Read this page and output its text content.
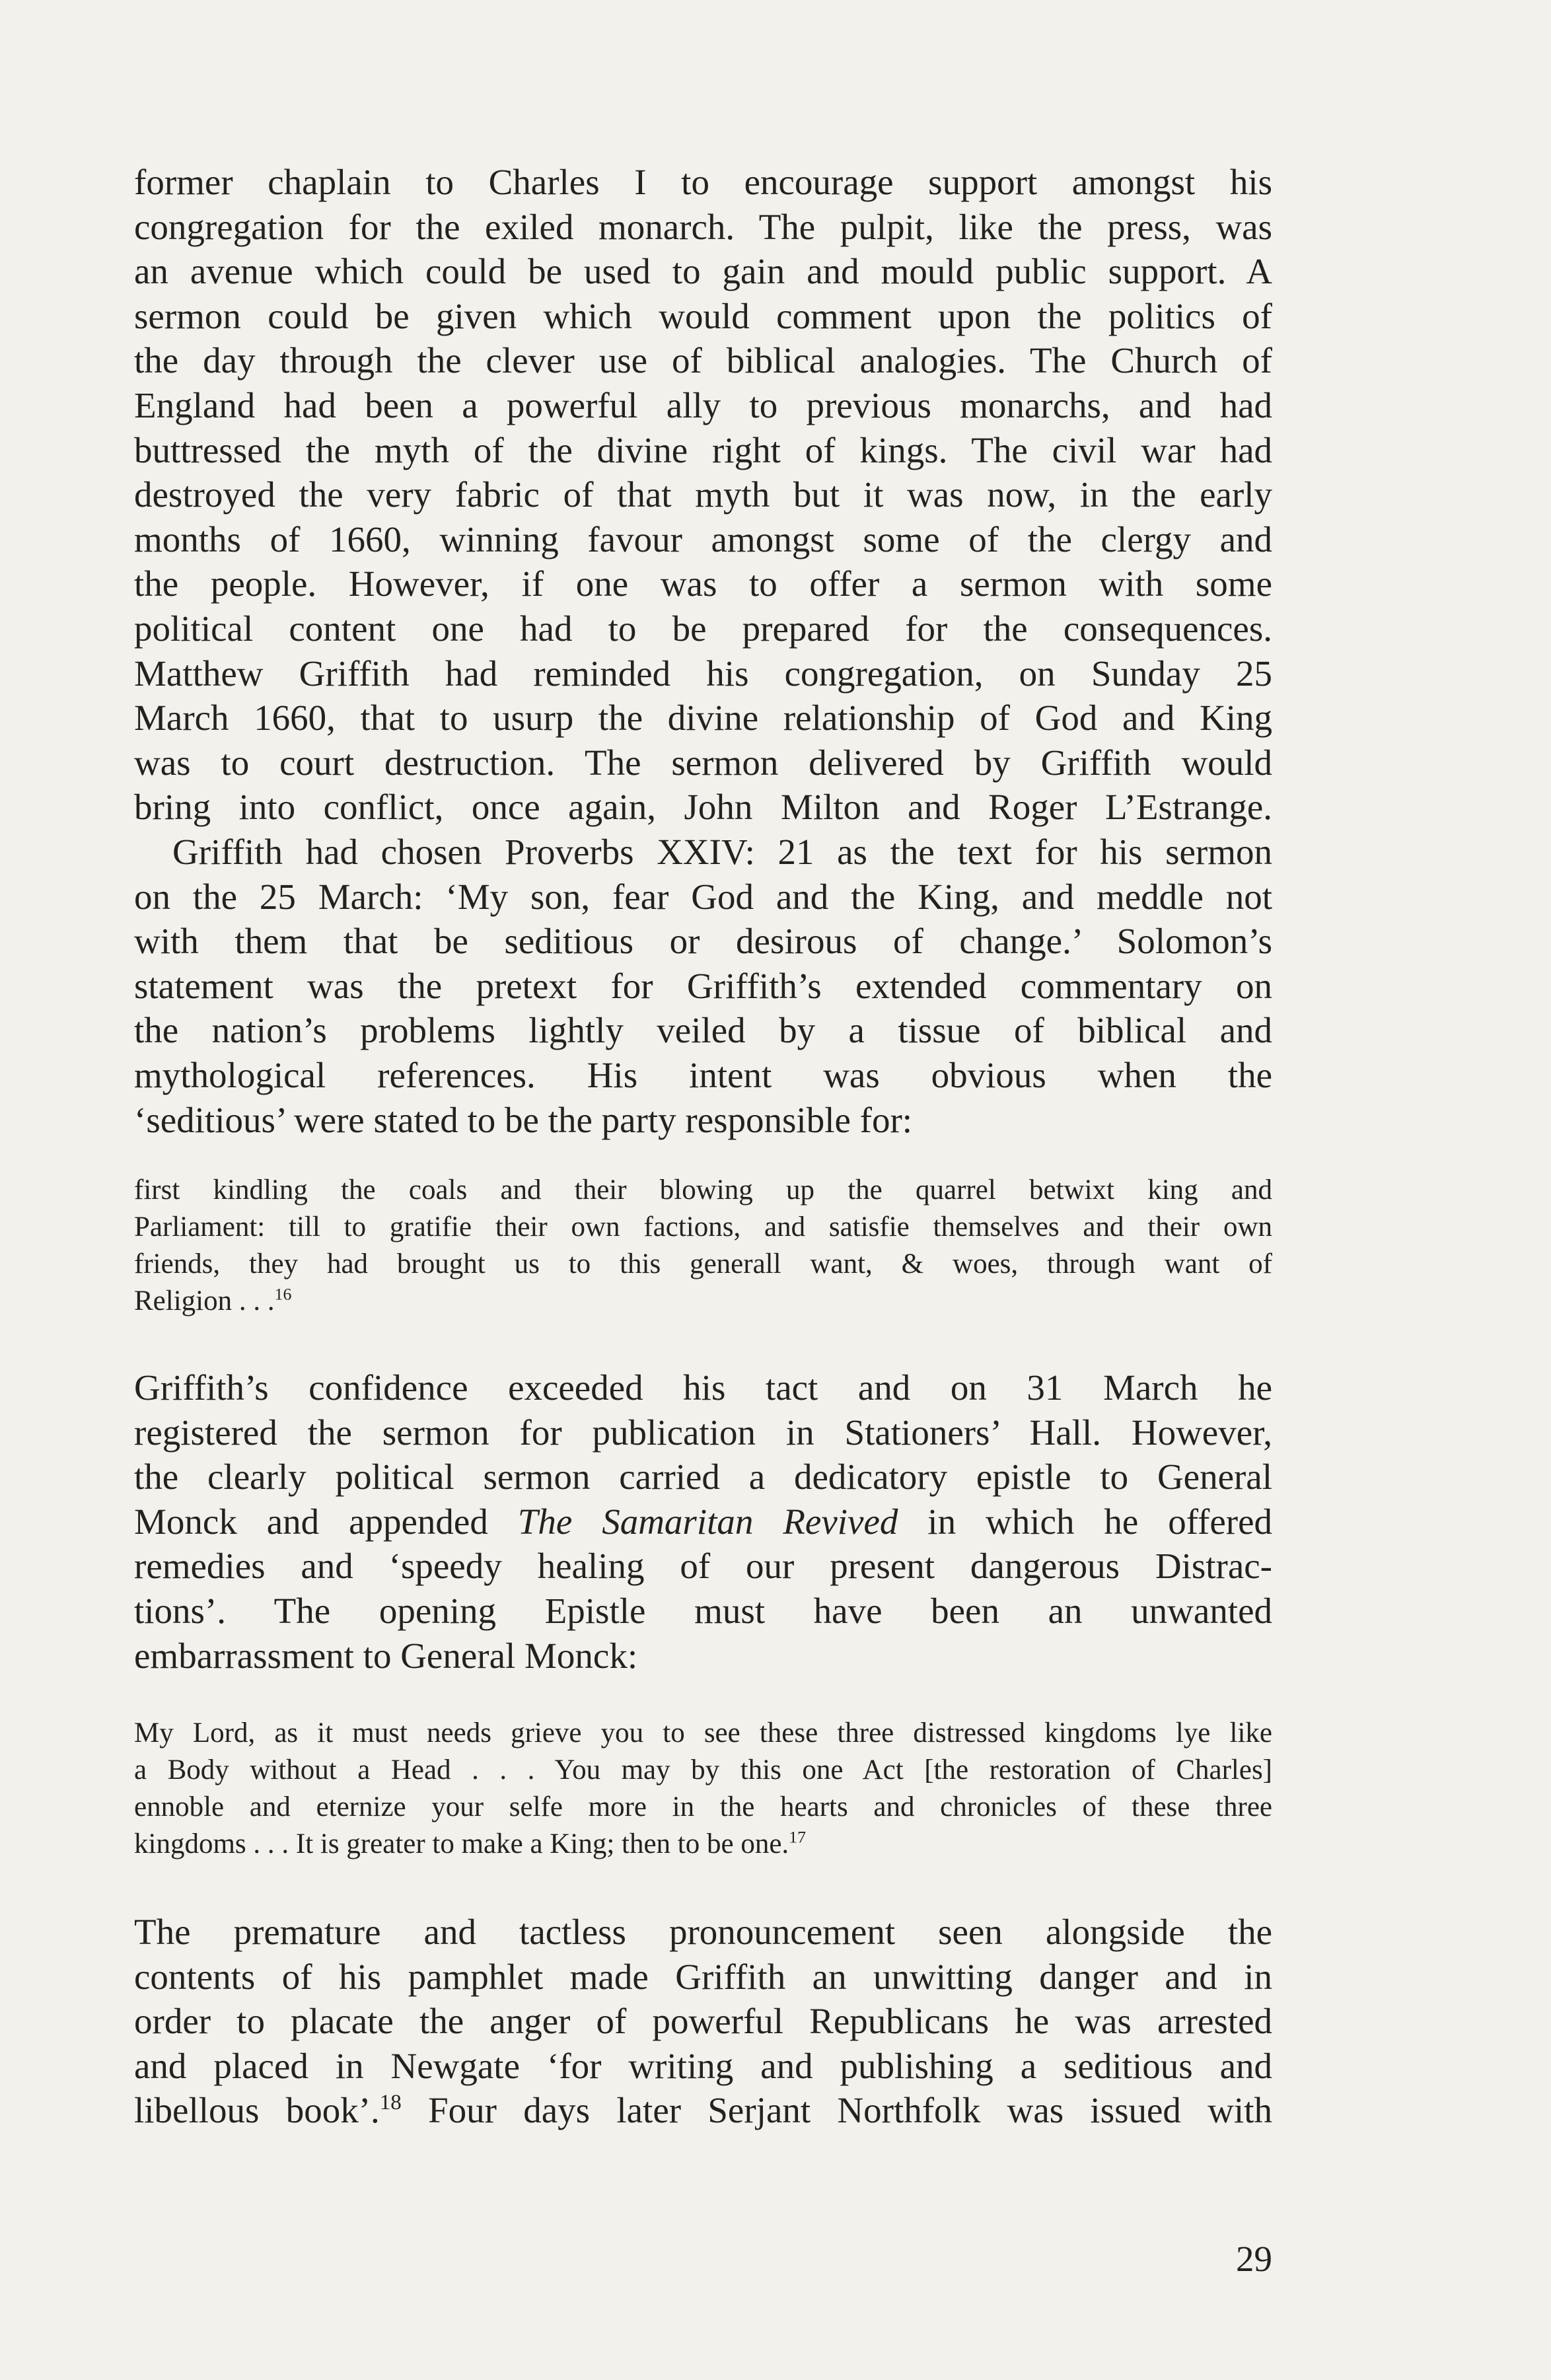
former chaplain to Charles I to encourage support amongst his
congregation for the exiled monarch. The pulpit, like the press, was
an avenue which could be used to gain and mould public support. A
sermon could be given which would comment upon the politics of
the day through the clever use of biblical analogies. The Church of
England had been a powerful ally to previous monarchs, and had
buttressed the myth of the divine right of kings. The civil war had
destroyed the very fabric of that myth but it was now, in the early
months of 1660, winning favour amongst some of the clergy and
the people. However, if one was to offer a sermon with some
political content one had to be prepared for the consequences.
Matthew Griffith had reminded his congregation, on Sunday 25
March 1660, that to usurp the divine relationship of God and King
was to court destruction. The sermon delivered by Griffith would
bring into conflict, once again, John Milton and Roger L’Estrange.
Griffith had chosen Proverbs XXIV: 21 as the text for his sermon
on the 25 March: ‘My son, fear God and the King, and meddle not
with them that be seditious or desirous of change.’ Solomon’s
statement was the pretext for Griffith’s extended commentary on
the nation’s problems lightly veiled by a tissue of biblical and
mythological references. His intent was obvious when the
‘seditious’ were stated to be the party responsible for:
first kindling the coals and their blowing up the quarrel betwixt king and
Parliament: till to gratifie their own factions, and satisfie themselves and their own
friends, they had brought us to this generall want, & woes, through want of
Religion . . .$^{16}$
Griffith’s confidence exceeded his tact and on 31 March he
registered the sermon for publication in Stationers’ Hall. However,
the clearly political sermon carried a dedicatory epistle to General
Monck and appended The Samaritan Revived in which he offered
remedies and ‘speedy healing of our present dangerous Distrac-
tions’. The opening Epistle must have been an unwanted
embarrassment to General Monck:
My Lord, as it must needs grieve you to see these three distressed kingdoms lye like
a Body without a Head . . . You may by this one Act [the restoration of Charles]
ennoble and eternize your selfe more in the hearts and chronicles of these three
kingdoms . . . It is greater to make a King; then to be one.$^{17}$
The premature and tactless pronouncement seen alongside the
contents of his pamphlet made Griffith an unwitting danger and in
order to placate the anger of powerful Republicans he was arrested
and placed in Newgate ‘for writing and publishing a seditious and
libellous book’.$^{18}$ Four days later Serjant Northfolk was issued with
29
